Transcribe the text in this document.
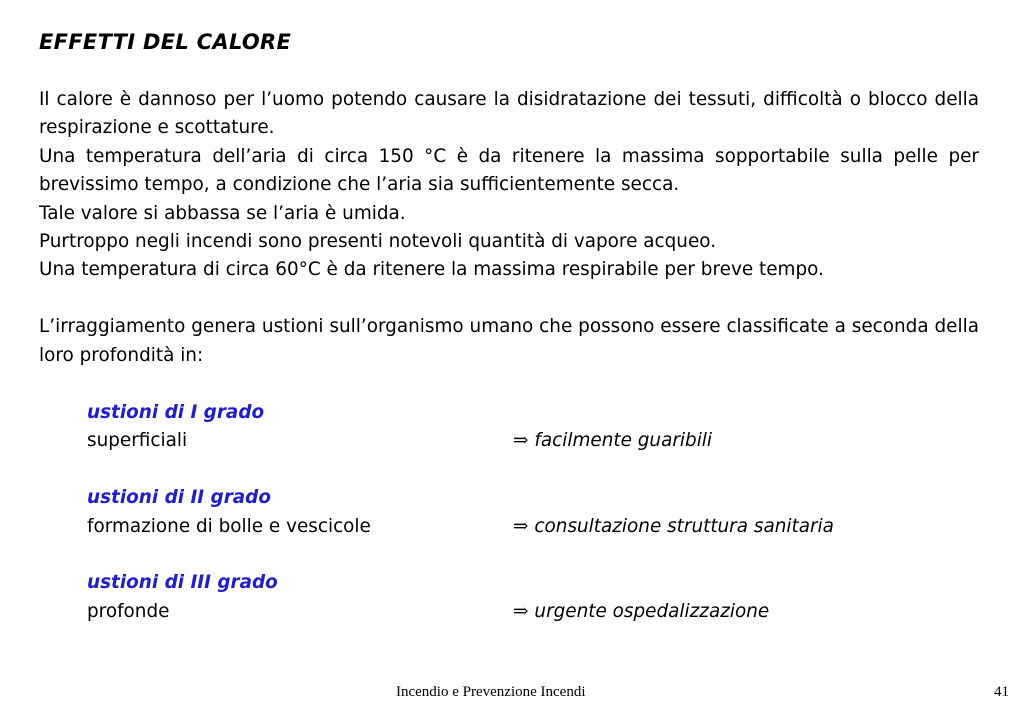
EFFETTI DEL CALORE

Il calore è dannoso per l’uomo potendo causare la disidratazione dei tessuti, difficoltà o blocco della respirazione e scottature.

Una temperatura dell’aria di circa 150 °C è da ritenere la massima sopportabile sulla pelle per brevissimo tempo, a condizione che l’aria sia sufficientemente secca.

Tale valore si abbassa se l’aria è umida.

Purtroppo negli incendi sono presenti notevoli quantità di vapore acqueo.

Una temperatura di circa 60°C è da ritenere la massima respirabile per breve tempo.

L’irraggiamento genera ustioni sull’organismo umano che possono essere classificate a seconda della loro profondità in:

ustioni di I grado
superficiali	⇒ facilmente guaribili
ustioni di II grado
formazione di bolle e vescicole	⇒ consultazione struttura sanitaria
ustioni di III grado
profonde	⇒ urgente ospedalizzazione
Incendio e Prevenzione Incendi	41
